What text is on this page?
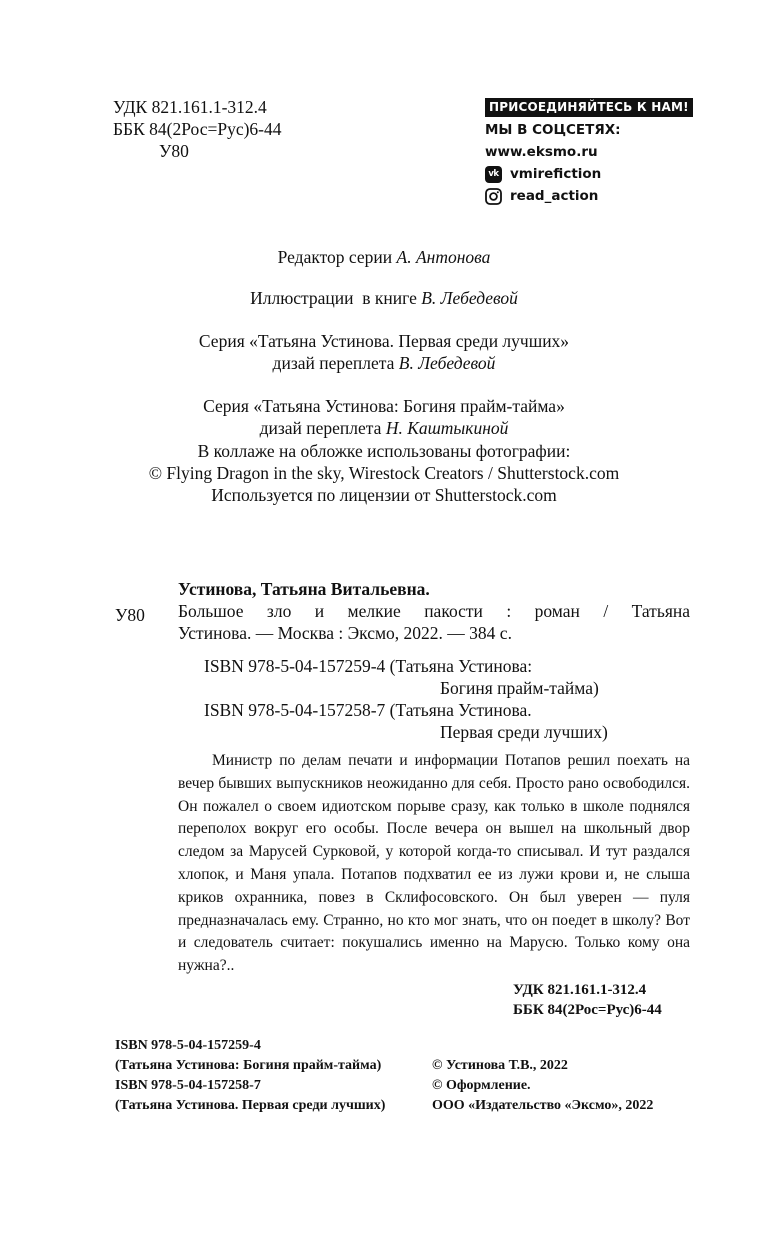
УДК 821.161.1-312.4
ББК 84(2Рос=Рус)6-44
У80
ПРИСОЕДИНЯЙТЕСЬ К НАМ!
МЫ В СОЦСЕТЯХ:
www.eksmo.ru
vk vmirefiction
read_action
Редактор серии А. Антонова
Иллюстрации  в книге В. Лебедевой
Серия «Татьяна Устинова. Первая среди лучших»
дизай переплета В. Лебедевой
Серия «Татьяна Устинова: Богиня прайм-тайма»
дизай переплета Н. Каштыкиной
В коллаже на обложке использованы фотографии:
© Flying Dragon in the sky, Wirestock Creators / Shutterstock.com
Используется по лицензии от Shutterstock.com
Устинова, Татьяна Витальевна.
У80 Большое зло и мелкие пакости : роман / Татьяна

Устинова. — Москва : Эксмо, 2022. — 384 с.

ISBN 978-5-04-157259-4 (Татьяна Устинова:
Богиня прайм-тайма)
ISBN 978-5-04-157258-7 (Татьяна Устинова.
Первая среди лучших)

Министр по делам печати и информации Потапов решил поехать на вечер бывших выпускников неожиданно для себя. Просто рано освободился. Он пожалел о своем идиотском порыве сразу, как только в школе поднялся переполох вокруг его особы. После вечера он вышел на школьный двор следом за Марусей Сурковой, у которой когда-то списывал. И тут раздался хлопок, и Маня упала. Потапов подхватил ее из лужи крови и, не слыша криков охранника, повез в Склифосовского. Он был уверен — пуля предназначалась ему. Странно, но кто мог знать, что он поедет в школу? Вот и следователь считает: покушались именно на Марусю. Только кому она нужна?..

УДК 821.161.1-312.4
ББК 84(2Рос=Рус)6-44
ISBN 978-5-04-157259-4
(Татьяна Устинова: Богиня прайм-тайма)
ISBN 978-5-04-157258-7
(Татьяна Устинова. Первая среди лучших)
© Устинова Т.В., 2022
© Оформление.
ООО «Издательство «Эксмо», 2022
